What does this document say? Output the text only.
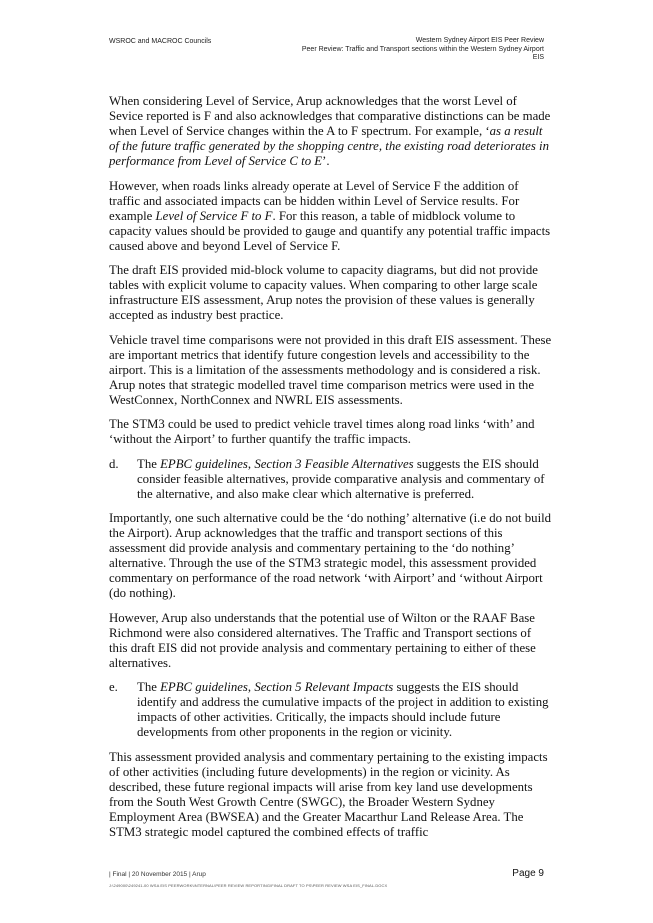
WSROC and MACROC Councils	Western Sydney Airport EIS Peer Review
Peer Review: Traffic and Transport sections within the Western Sydney Airport
EIS

When considering Level of Service, Arup acknowledges that the worst Level of Sevice reported is F and also acknowledges that comparative distinctions can be made when Level of Service changes within the A to F spectrum. For example, ‘as a result of the future traffic generated by the shopping centre, the existing road deteriorates in performance from Level of Service C to E’.

However, when roads links already operate at Level of Service F the addition of traffic and associated impacts can be hidden within Level of Service results. For example Level of Service F to F. For this reason, a table of midblock volume to capacity values should be provided to gauge and quantify any potential traffic impacts caused above and beyond Level of Service F.

The draft EIS provided mid-block volume to capacity diagrams, but did not provide tables with explicit volume to capacity values. When comparing to other large scale infrastructure EIS assessment, Arup notes the provision of these values is generally accepted as industry best practice.

Vehicle travel time comparisons were not provided in this draft EIS assessment. These are important metrics that identify future congestion levels and accessibility to the airport. This is a limitation of the assessments methodology and is considered a risk. Arup notes that strategic modelled travel time comparison metrics were used in the WestConnex, NorthConnex and NWRL EIS assessments.

The STM3 could be used to predict vehicle travel times along road links ‘with’ and ‘without the Airport’ to further quantify the traffic impacts.

d. The EPBC guidelines, Section 3 Feasible Alternatives suggests the EIS should consider feasible alternatives, provide comparative analysis and commentary of the alternative, and also make clear which alternative is preferred.

Importantly, one such alternative could be the ‘do nothing’ alternative (i.e do not build the Airport). Arup acknowledges that the traffic and transport sections of this assessment did provide analysis and commentary pertaining to the ‘do nothing’ alternative. Through the use of the STM3 strategic model, this assessment provided commentary on performance of the road network ‘with Airport’ and ‘without Airport (do nothing).

However, Arup also understands that the potential use of Wilton or the RAAF Base Richmond were also considered alternatives. The Traffic and Transport sections of this draft EIS did not provide analysis and commentary pertaining to either of these alternatives.

e. The EPBC guidelines, Section 5 Relevant Impacts suggests the EIS should identify and address the cumulative impacts of the project in addition to existing impacts of other activities. Critically, the impacts should include future developments from other proponents in the region or vicinity.

This assessment provided analysis and commentary pertaining to the existing impacts of other activities (including future developments) in the region or vicinity. As described, these future regional impacts will arise from key land use developments from the South West Growth Centre (SWGC), the Broader Western Sydney Employment Area (BWSEA) and the Greater Macarthur Land Release Area. The STM3 strategic model captured the combined effects of traffic

| Final | 20 November 2015 | Arup
J:\249000\249241-00 WSA EIS PEERWORK\INTERNAL\PEER REVIEW REPORTING\FINAL DRAFT TO PS\PEER REVIEW WSA EIS_FINAL.DOCX
Page 9
